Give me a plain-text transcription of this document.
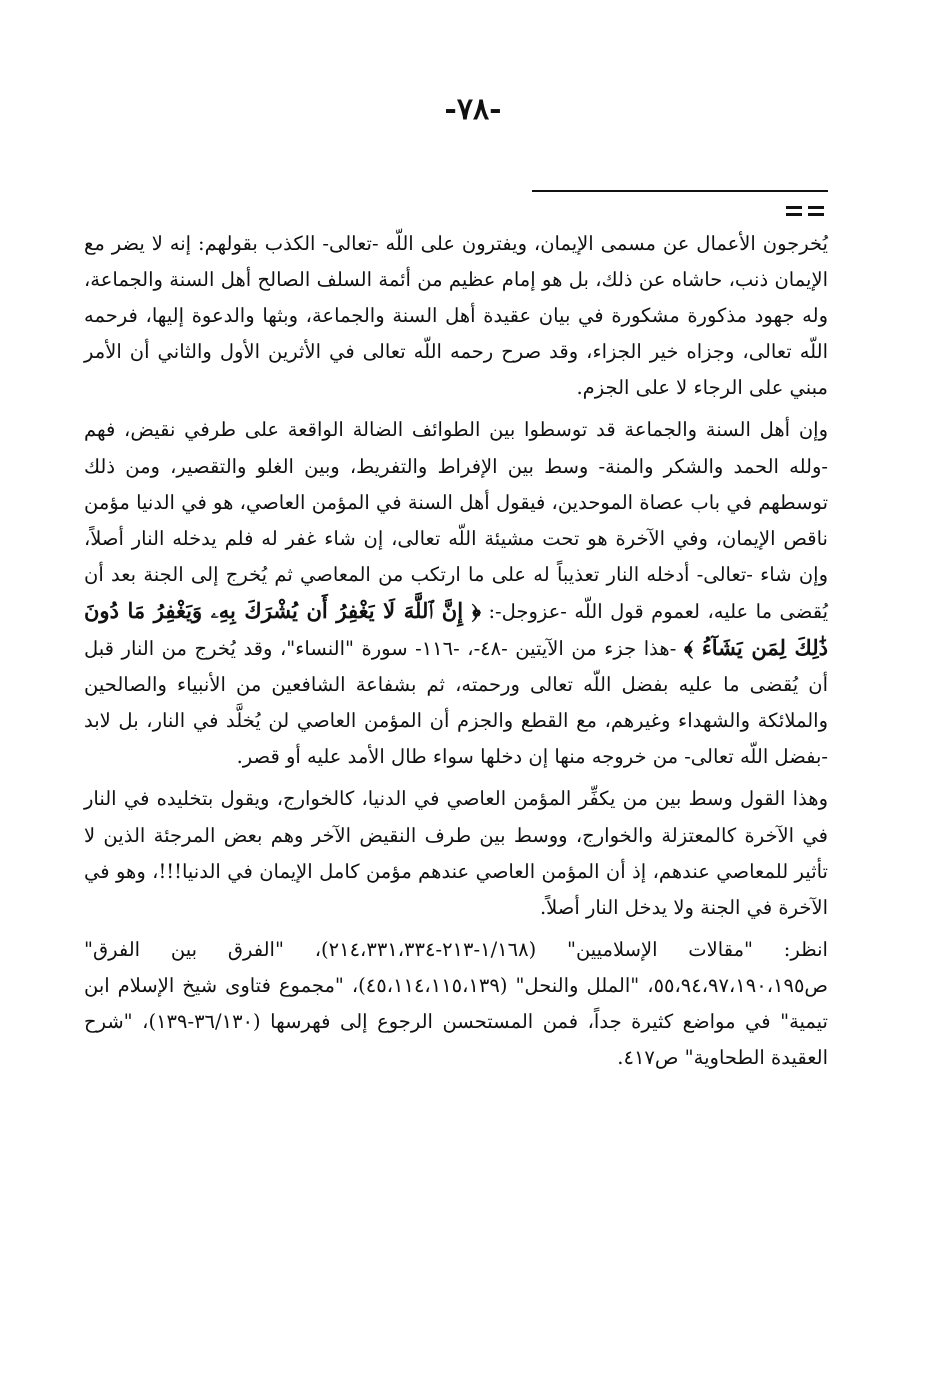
-٧٨-

يُخرجون الأعمال عن مسمى الإيمان، ويفترون على اللّه -تعالى- الكذب بقولهم: إنه لا يضر مع الإيمان ذنب، حاشاه عن ذلك، بل هو إمام عظيم من أئمة السلف الصالح أهل السنة والجماعة، وله جهود مذكورة مشكورة في بيان عقيدة أهل السنة والجماعة، وبثها والدعوة إليها، فرحمه اللّه تعالى، وجزاه خير الجزاء، وقد صرح رحمه اللّه تعالى في الأثرين الأول والثاني أن الأمر مبني على الرجاء لا على الجزم.

وإن أهل السنة والجماعة قد توسطوا بين الطوائف الضالة الواقعة على طرفي نقيض، فهم -ولله الحمد والشكر والمنة- وسط بين الإفراط والتفريط، وبين الغلو والتقصير، ومن ذلك توسطهم في باب عصاة الموحدين، فيقول أهل السنة في المؤمن العاصي، هو في الدنيا مؤمن ناقص الإيمان، وفي الآخرة هو تحت مشيئة اللّه تعالى، إن شاء غفر له فلم يدخله النار أصلاً، وإن شاء -تعالى- أدخله النار تعذيباً له على ما ارتكب من المعاصي ثم يُخرج إلى الجنة بعد أن يُقضى ما عليه، لعموم قول اللّه -عزوجل-: ﴿ إِنَّ ٱللَّهَ لَا يَغْفِرُ أَن يُشْرَكَ بِهِۦ وَيَغْفِرُ مَا دُونَ ذَٰلِكَ لِمَن يَشَآءُ ﴾ -هذا جزء من الآيتين -٤٨-، -١١٦- سورة "النساء"، وقد يُخرج من النار قبل أن يُقضى ما عليه بفضل اللّه تعالى ورحمته، ثم بشفاعة الشافعين من الأنبياء والصالحين والملائكة والشهداء وغيرهم، مع القطع والجزم أن المؤمن العاصي لن يُخلَّد في النار، بل لابد -بفضل اللّه تعالى- من خروجه منها إن دخلها سواء طال الأمد عليه أو قصر.

وهذا القول وسط بين من يكفِّر المؤمن العاصي في الدنيا، كالخوارج، ويقول بتخليده في النار في الآخرة كالمعتزلة والخوارج، ووسط بين طرف النقيض الآخر وهم بعض المرجئة الذين لا تأثير للمعاصي عندهم، إذ أن المؤمن العاصي عندهم مؤمن كامل الإيمان في الدنيا!!!، وهو في الآخرة في الجنة ولا يدخل النار أصلاً.

انظر: "مقالات الإسلاميين" (١/١٦٨-٢١٣-٢١٤،٣٣١،٣٣٤)، "الفرق بين الفرق" ص٥٥،٩٤،٩٧،١٩٠،١٩٥، "الملل والنحل" (٤٥،١١٤،١١٥،١٣٩)، "مجموع فتاوى شيخ الإسلام ابن تيمية" في مواضع كثيرة جداً، فمن المستحسن الرجوع إلى فهرسها (٣٦/١٣٠-١٣٩)، "شرح العقيدة الطحاوية" ص٤١٧.
